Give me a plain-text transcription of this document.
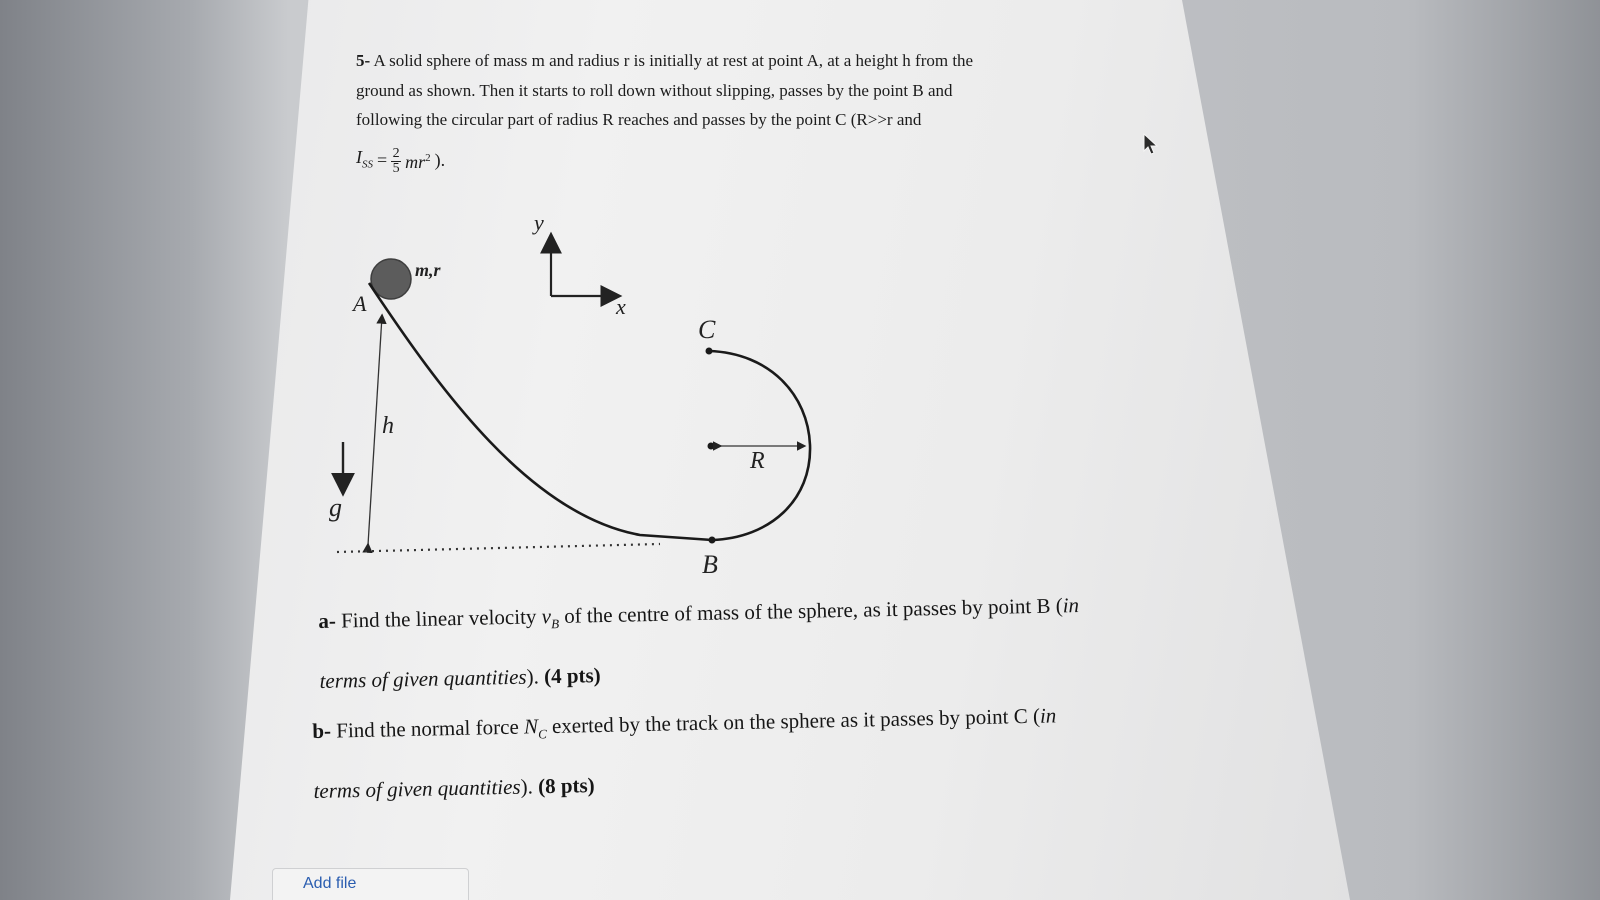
5- A solid sphere of mass m and radius r is initially at rest at point A, at a height h from the

ground as shown. Then it starts to roll down without slipping, passes by the point B and

following the circular part of radius R reaches and passes by the point C (R>>r and

$I_{SS} = \frac{2}{5} mr^2$ ).
y
x
m,r
R
A
C
B
h
g
a- Find the linear velocity $v_B$ of the centre of mass of the sphere, as it passes by point B (in
terms of given quantities). (4 pts)
b- Find the normal force $N_C$ exerted by the track on the sphere as it passes by point C (in
terms of given quantities). (8 pts)
Add file
